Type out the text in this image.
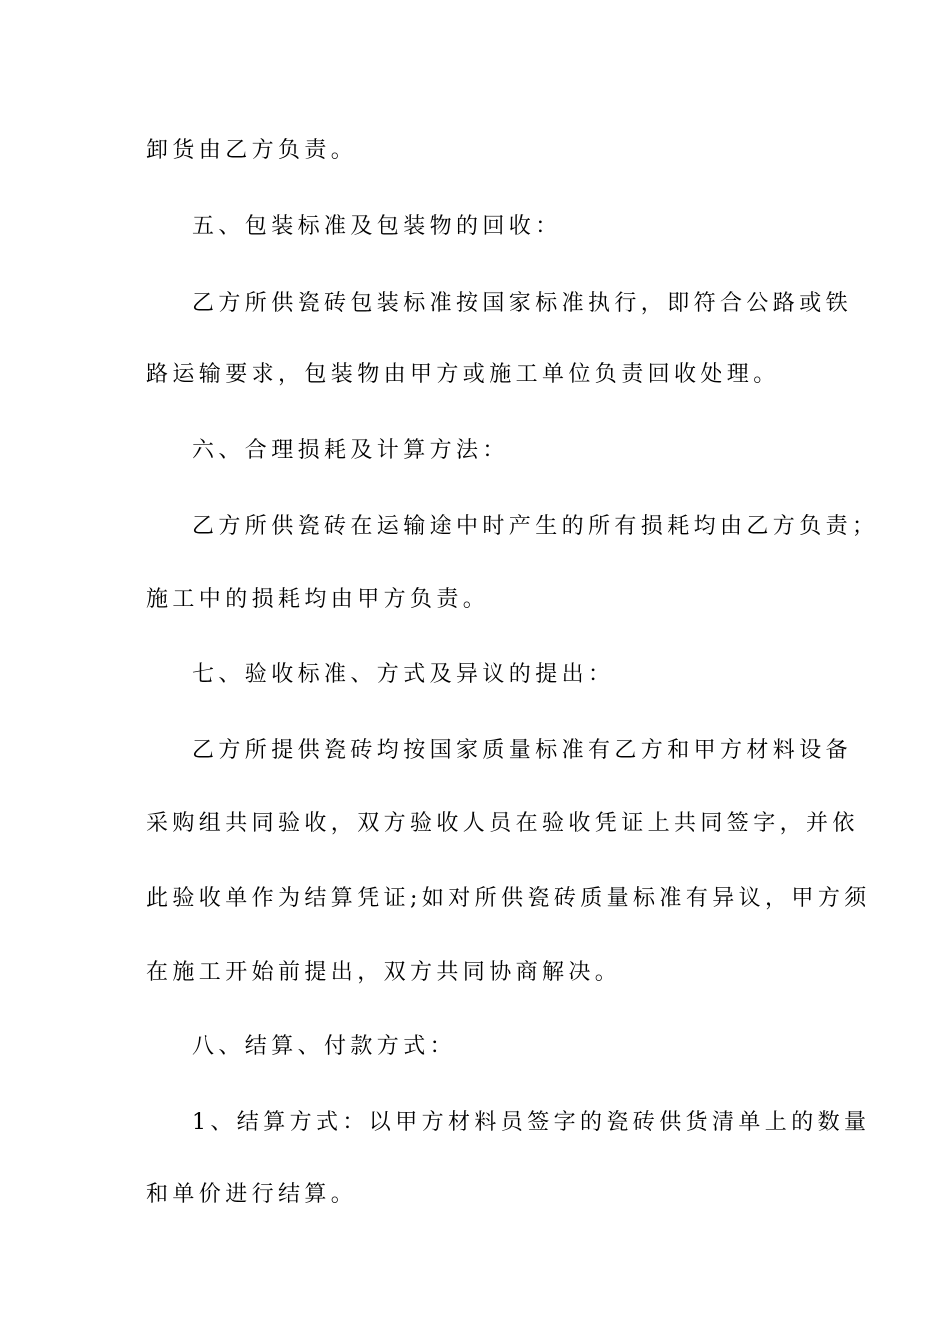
卸货由乙方负责。
五、包装标准及包装物的回收：
乙方所供瓷砖包装标准按国家标准执行，即符合公路或铁
路运输要求，包装物由甲方或施工单位负责回收处理。
六、合理损耗及计算方法：
乙方所供瓷砖在运输途中时产生的所有损耗均由乙方负责；
施工中的损耗均由甲方负责。
七、验收标准、方式及异议的提出：
乙方所提供瓷砖均按国家质量标准有乙方和甲方材料设备
采购组共同验收，双方验收人员在验收凭证上共同签字，并依
此验收单作为结算凭证;如对所供瓷砖质量标准有异议，甲方须
在施工开始前提出，双方共同协商解决。
八、结算、付款方式：
1、结算方式：以甲方材料员签字的瓷砖供货清单上的数量
和单价进行结算。
